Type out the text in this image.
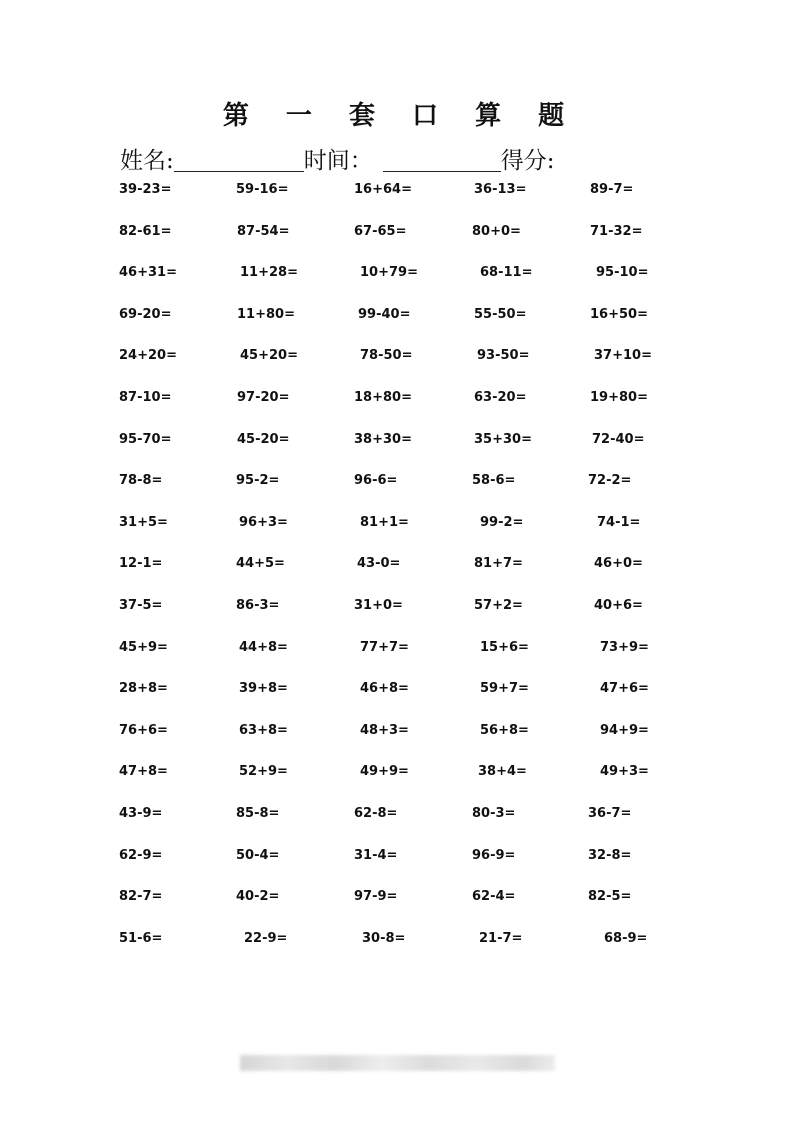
第 一 套 口 算 题
姓名:	时间：	得分:
39-23=	59-16=	16+64=	36-13=	89-7=
82-61=	87-54=	67-65=	80+0=	71-32=
46+31=	11+28=	10+79=	68-11=	95-10=
69-20=	11+80=	99-40=	55-50=	16+50=
24+20=	45+20=	78-50=	93-50=	37+10=
87-10=	97-20=	18+80=	63-20=	19+80=
95-70=	45-20=	38+30=	35+30=	72-40=
78-8=	95-2=	96-6=	58-6=	72-2=
31+5=	96+3=	81+1=	99-2=	74-1=
12-1=	44+5=	43-0=	81+7=	46+0=
37-5=	86-3=	31+0=	57+2=	40+6=
45+9=	44+8=	77+7=	15+6=	73+9=
28+8=	39+8=	46+8=	59+7=	47+6=
76+6=	63+8=	48+3=	56+8=	94+9=
47+8=	52+9=	49+9=	38+4=	49+3=
43-9=	85-8=	62-8=	80-3=	36-7=
62-9=	50-4=	31-4=	96-9=	32-8=
82-7=	40-2=	97-9=	62-4=	82-5=
51-6=	22-9=	30-8=	21-7=	68-9=
